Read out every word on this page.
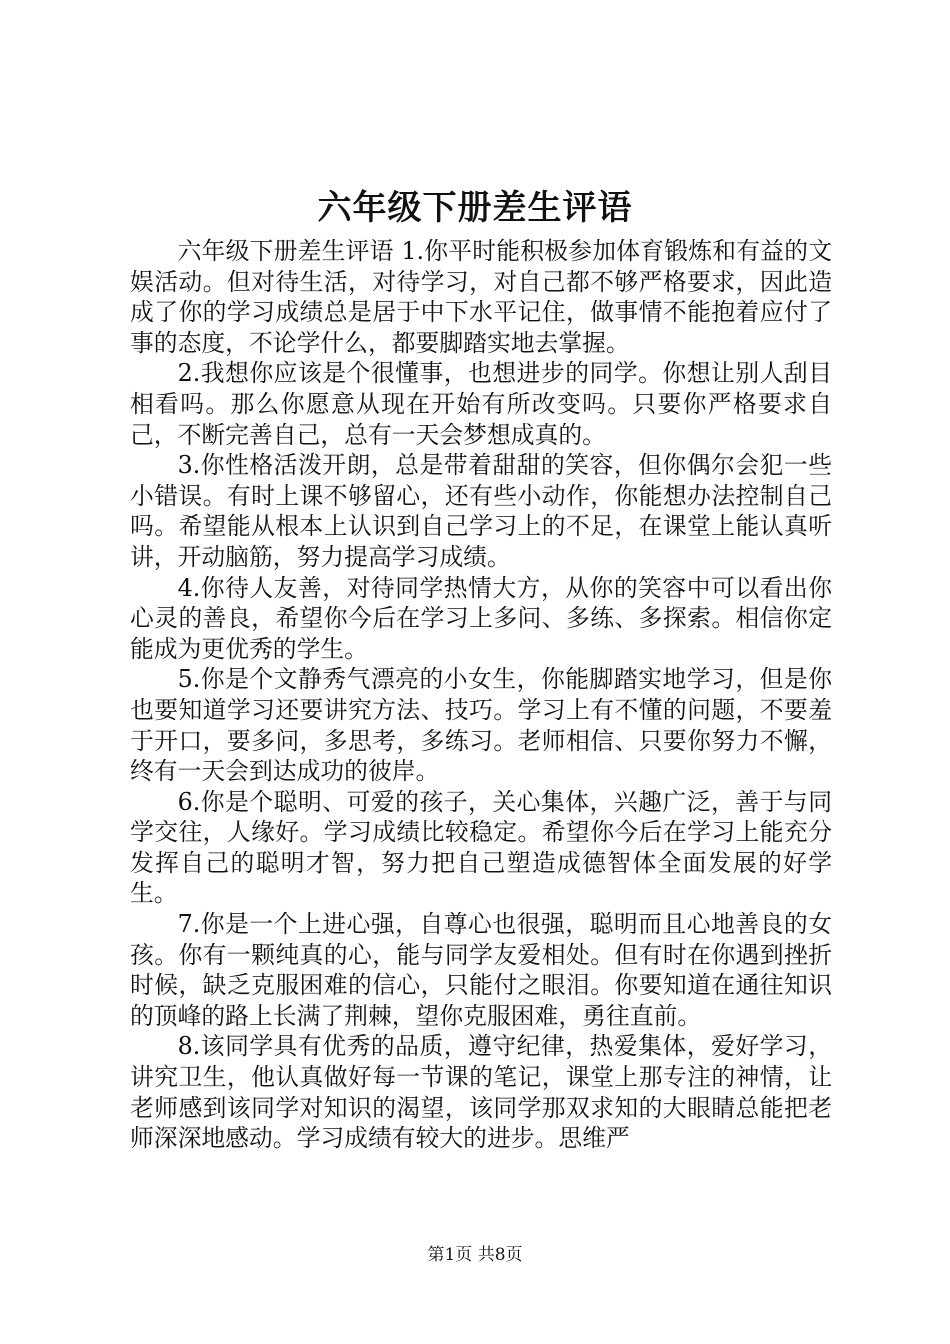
六年级下册差生评语

六年级下册差生评语 1.你平时能积极参加体育锻炼和有益的文娱活动。但对待生活，对待学习，对自己都不够严格要求，因此造成了你的学习成绩总是居于中下水平记住，做事情不能抱着应付了事的态度，不论学什么，都要脚踏实地去掌握。

2.我想你应该是个很懂事，也想进步的同学。你想让别人刮目相看吗。那么你愿意从现在开始有所改变吗。只要你严格要求自己，不断完善自己，总有一天会梦想成真的。

3.你性格活泼开朗，总是带着甜甜的笑容，但你偶尔会犯一些小错误。有时上课不够留心，还有些小动作，你能想办法控制自己吗。希望能从根本上认识到自己学习上的不足，在课堂上能认真听讲，开动脑筋，努力提高学习成绩。

4.你待人友善，对待同学热情大方，从你的笑容中可以看出你心灵的善良，希望你今后在学习上多问、多练、多探索。相信你定能成为更优秀的学生。

5.你是个文静秀气漂亮的小女生，你能脚踏实地学习，但是你也要知道学习还要讲究方法、技巧。学习上有不懂的问题，不要羞于开口，要多问，多思考，多练习。老师相信、只要你努力不懈，终有一天会到达成功的彼岸。

6.你是个聪明、可爱的孩子，关心集体，兴趣广泛，善于与同学交往，人缘好。学习成绩比较稳定。希望你今后在学习上能充分发挥自己的聪明才智，努力把自己塑造成德智体全面发展的好学生。

7.你是一个上进心强，自尊心也很强，聪明而且心地善良的女孩。你有一颗纯真的心，能与同学友爱相处。但有时在你遇到挫折时候，缺乏克服困难的信心，只能付之眼泪。你要知道在通往知识的顶峰的路上长满了荆棘，望你克服困难，勇往直前。

8.该同学具有优秀的品质，遵守纪律，热爱集体，爱好学习，讲究卫生，他认真做好每一节课的笔记，课堂上那专注的神情，让老师感到该同学对知识的渴望，该同学那双求知的大眼睛总能把老师深深地感动。学习成绩有较大的进步。思维严

第1页 共8页
